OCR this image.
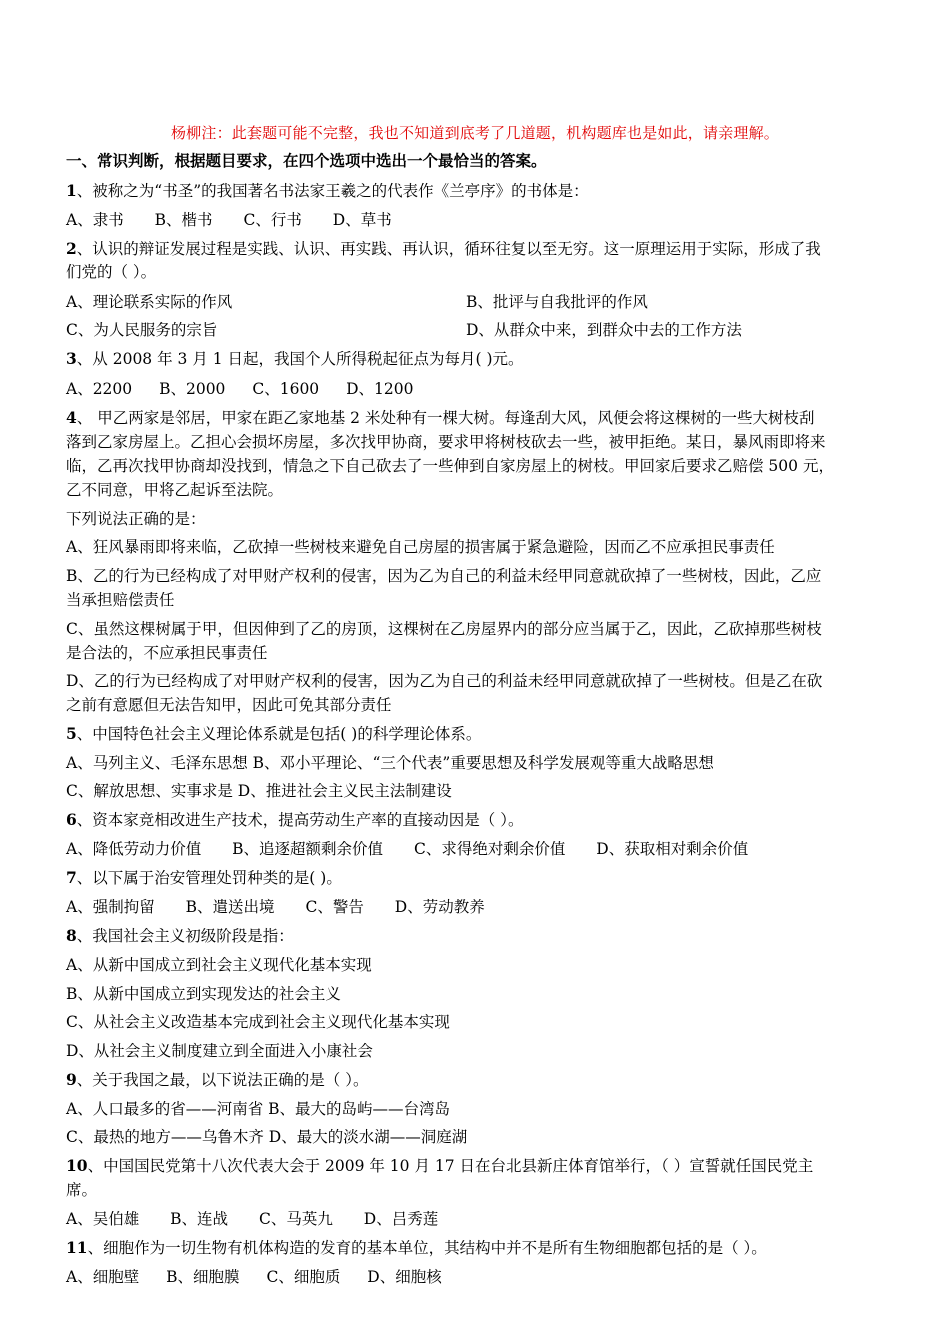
杨柳注：此套题可能不完整，我也不知道到底考了几道题，机构题库也是如此，请亲理解。
一、常识判断，根据题目要求，在四个选项中选出一个最恰当的答案。
1、被称之为“书圣”的我国著名书法家王羲之的代表作《兰亭序》的书体是：
A、隶书 B、楷书 C、行书 D、草书
2、认识的辩证发展过程是实践、认识、再实践、再认识，循环往复以至无穷。这一原理运用于实际，形成了我
们党的（ ）。
A、理论联系实际的作风	B、批评与自我批评的作风
C、为人民服务的宗旨	D、从群众中来，到群众中去的工作方法
3、从 2008 年 3 月 1 日起，我国个人所得税起征点为每月( )元。
A、2200 B、2000 C、1600 D、1200
4、 甲乙两家是邻居，甲家在距乙家地基 2 米处种有一棵大树。每逢刮大风，风便会将这棵树的一些大树枝刮
落到乙家房屋上。乙担心会损坏房屋，多次找甲协商，要求甲将树枝砍去一些，被甲拒绝。某日，暴风雨即将来
临，乙再次找甲协商却没找到，情急之下自己砍去了一些伸到自家房屋上的树枝。甲回家后要求乙赔偿 500 元，
乙不同意，甲将乙起诉至法院。
下列说法正确的是：
A、狂风暴雨即将来临，乙砍掉一些树枝来避免自己房屋的损害属于紧急避险，因而乙不应承担民事责任
B、乙的行为已经构成了对甲财产权利的侵害，因为乙为自己的利益未经甲同意就砍掉了一些树枝，因此，乙应
当承担赔偿责任
C、虽然这棵树属于甲，但因伸到了乙的房顶，这棵树在乙房屋界内的部分应当属于乙，因此，乙砍掉那些树枝
是合法的，不应承担民事责任
D、乙的行为已经构成了对甲财产权利的侵害，因为乙为自己的利益未经甲同意就砍掉了一些树枝。但是乙在砍
之前有意愿但无法告知甲，因此可免其部分责任
5、中国特色社会主义理论体系就是包括( )的科学理论体系。
A、马列主义、毛泽东思想 B、邓小平理论、“三个代表”重要思想及科学发展观等重大战略思想
C、解放思想、实事求是 D、推进社会主义民主法制建设
6、资本家竞相改进生产技术，提高劳动生产率的直接动因是（ ）。
A、降低劳动力价值 B、追逐超额剩余价值 C、求得绝对剩余价值 D、获取相对剩余价值
7、以下属于治安管理处罚种类的是( )。
A、强制拘留 B、遣送出境 C、警告 D、劳动教养
8、我国社会主义初级阶段是指：
A、从新中国成立到社会主义现代化基本实现
B、从新中国成立到实现发达的社会主义
C、从社会主义改造基本完成到社会主义现代化基本实现
D、从社会主义制度建立到全面进入小康社会
9、关于我国之最，以下说法正确的是（ ）。
A、人口最多的省——河南省 B、最大的岛屿——台湾岛
C、最热的地方——乌鲁木齐 D、最大的淡水湖——洞庭湖
10、中国国民党第十八次代表大会于 2009 年 10 月 17 日在台北县新庄体育馆举行，（ ）宣誓就任国民党主
席。
A、吴伯雄 B、连战 C、马英九 D、吕秀莲
11、细胞作为一切生物有机体构造的发育的基本单位，其结构中并不是所有生物细胞都包括的是（ ）。
A、细胞壁 B、细胞膜 C、细胞质 D、细胞核
